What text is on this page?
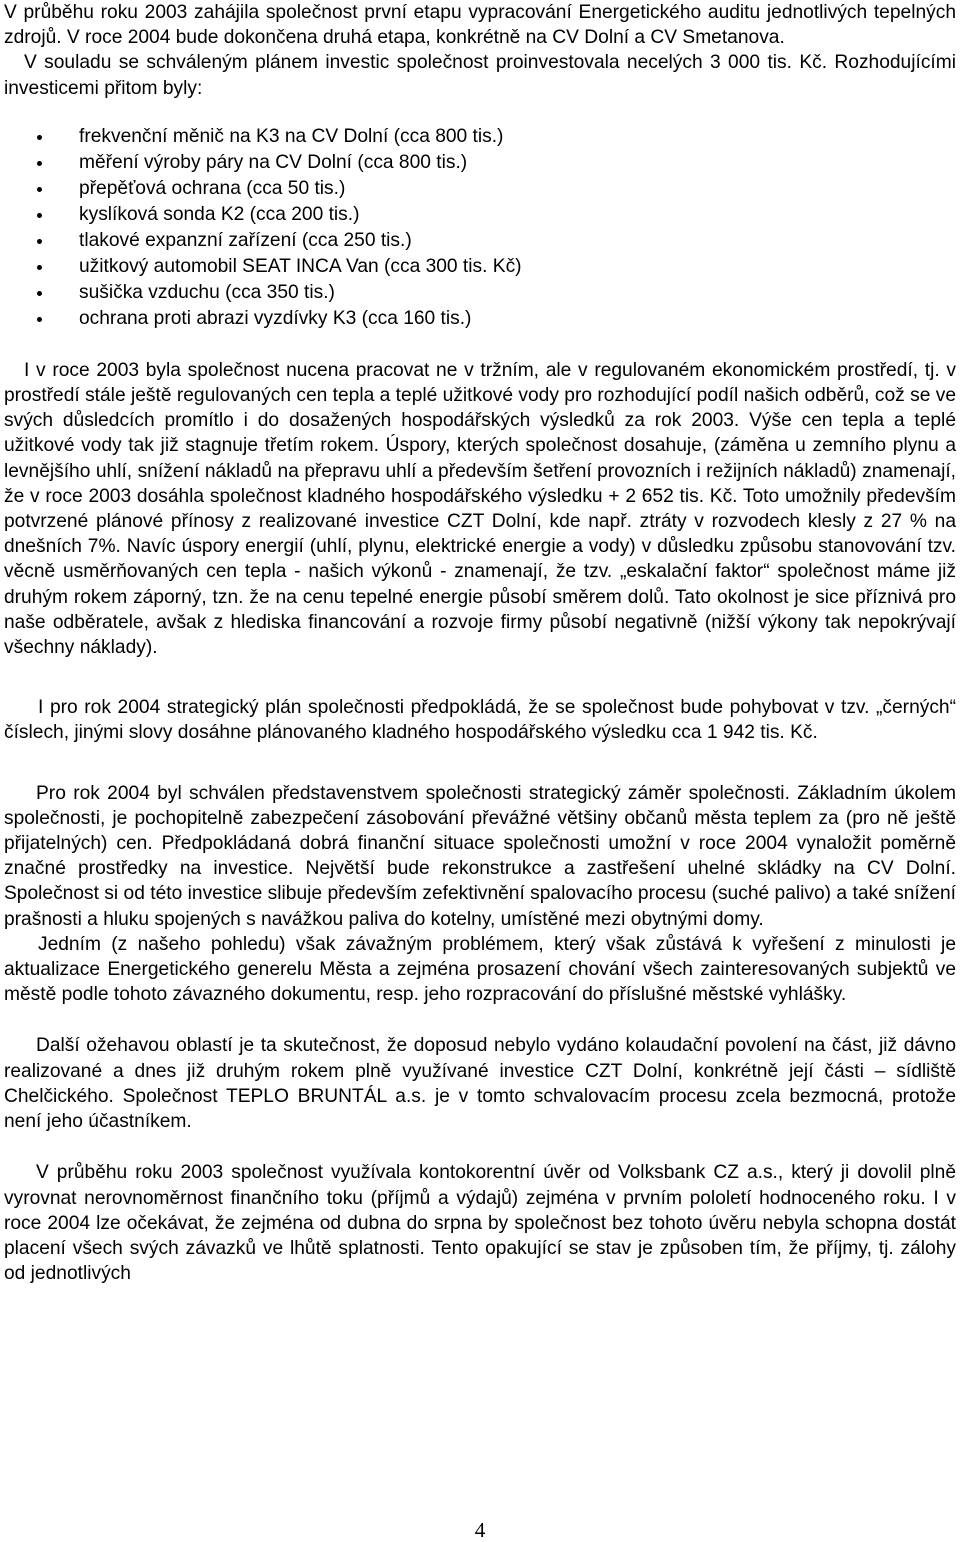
V průběhu roku 2003 zahájila společnost první etapu vypracování Energetického auditu jednotlivých tepelných zdrojů. V roce 2004 bude dokončena druhá etapa, konkrétně na CV Dolní a CV Smetanova.

V souladu se schváleným plánem investic společnost proinvestovala necelých 3 000 tis. Kč. Rozhodujícími investicemi přitom byly:

frekvenční měnič na K3 na CV Dolní (cca 800 tis.)
měření výroby páry na CV Dolní (cca 800 tis.)
přepěťová ochrana (cca 50 tis.)
kyslíková sonda K2 (cca 200 tis.)
tlakové expanzní zařízení (cca 250 tis.)
užitkový automobil SEAT INCA Van (cca 300 tis. Kč)
sušička vzduchu (cca 350 tis.)
ochrana proti abrazi vyzdívky K3 (cca 160 tis.)

I v roce 2003 byla společnost nucena pracovat ne v tržním, ale v regulovaném ekonomickém prostředí, tj. v prostředí stále ještě regulovaných cen tepla a teplé užitkové vody pro rozhodující podíl našich odběrů, což se ve svých důsledcích promítlo i do dosažených hospodářských výsledků za rok 2003. Výše cen tepla a teplé užitkové vody tak již stagnuje třetím rokem. Úspory, kterých společnost dosahuje, (záměna u zemního plynu a levnějšího uhlí, snížení nákladů na přepravu uhlí a především šetření provozních i režijních nákladů) znamenají, že v roce 2003 dosáhla společnost kladného hospodářského výsledku + 2 652 tis. Kč. Toto umožnily především potvrzené plánové přínosy z realizované investice CZT Dolní, kde např. ztráty v rozvodech klesly z 27 % na dnešních 7%. Navíc úspory energií (uhlí, plynu, elektrické energie a vody) v důsledku způsobu stanovování tzv. věcně usměrňovaných cen tepla - našich výkonů - znamenají, že tzv. „eskalační faktor“ společnost máme již druhým rokem záporný, tzn. že na cenu tepelné energie působí směrem dolů. Tato okolnost je sice příznivá pro naše odběratele, avšak z hlediska financování a rozvoje firmy působí negativně (nižší výkony tak nepokrývají všechny náklady).

I pro rok 2004 strategický plán společnosti předpokládá, že se společnost bude pohybovat v tzv. „černých“ číslech, jinými slovy dosáhne plánovaného kladného hospodářského výsledku cca 1 942 tis. Kč.

Pro rok 2004 byl schválen představenstvem společnosti strategický záměr společnosti. Základním úkolem společnosti, je pochopitelně zabezpečení zásobování převážné většiny občanů města teplem za (pro ně ještě přijatelných) cen. Předpokládaná dobrá finanční situace společnosti umožní v roce 2004 vynaložit poměrně značné prostředky na investice. Největší bude rekonstrukce a zastřešení uhelné skládky na CV Dolní. Společnost si od této investice slibuje především zefektivnění spalovacího procesu (suché palivo) a také snížení prašnosti a hluku spojených s navážkou paliva do kotelny, umístěné mezi obytnými domy.

Jedním (z našeho pohledu) však závažným problémem, který však zůstává k vyřešení z minulosti je aktualizace Energetického generelu Města a zejména prosazení chování všech zainteresovaných subjektů ve městě podle tohoto závazného dokumentu, resp. jeho rozpracování do příslušné městské vyhlášky.

Další ožehavou oblastí je ta skutečnost, že doposud nebylo vydáno kolaudační povolení na část, již dávno realizované a dnes již druhým rokem plně využívané investice CZT Dolní, konkrétně její části – sídliště Chelčického. Společnost TEPLO BRUNTÁL a.s. je v tomto schvalovacím procesu zcela bezmocná, protože není jeho účastníkem.

V průběhu roku 2003 společnost využívala kontokorentní úvěr od Volksbank CZ a.s., který ji dovolil plně vyrovnat nerovnoměrnost finančního toku (příjmů a výdajů) zejména v prvním pololetí hodnoceného roku. I v roce 2004 lze očekávat, že zejména od dubna do srpna by společnost bez tohoto úvěru nebyla schopna dostát placení všech svých závazků ve lhůtě splatnosti. Tento opakující se stav je způsoben tím, že příjmy, tj. zálohy od jednotlivých

4
